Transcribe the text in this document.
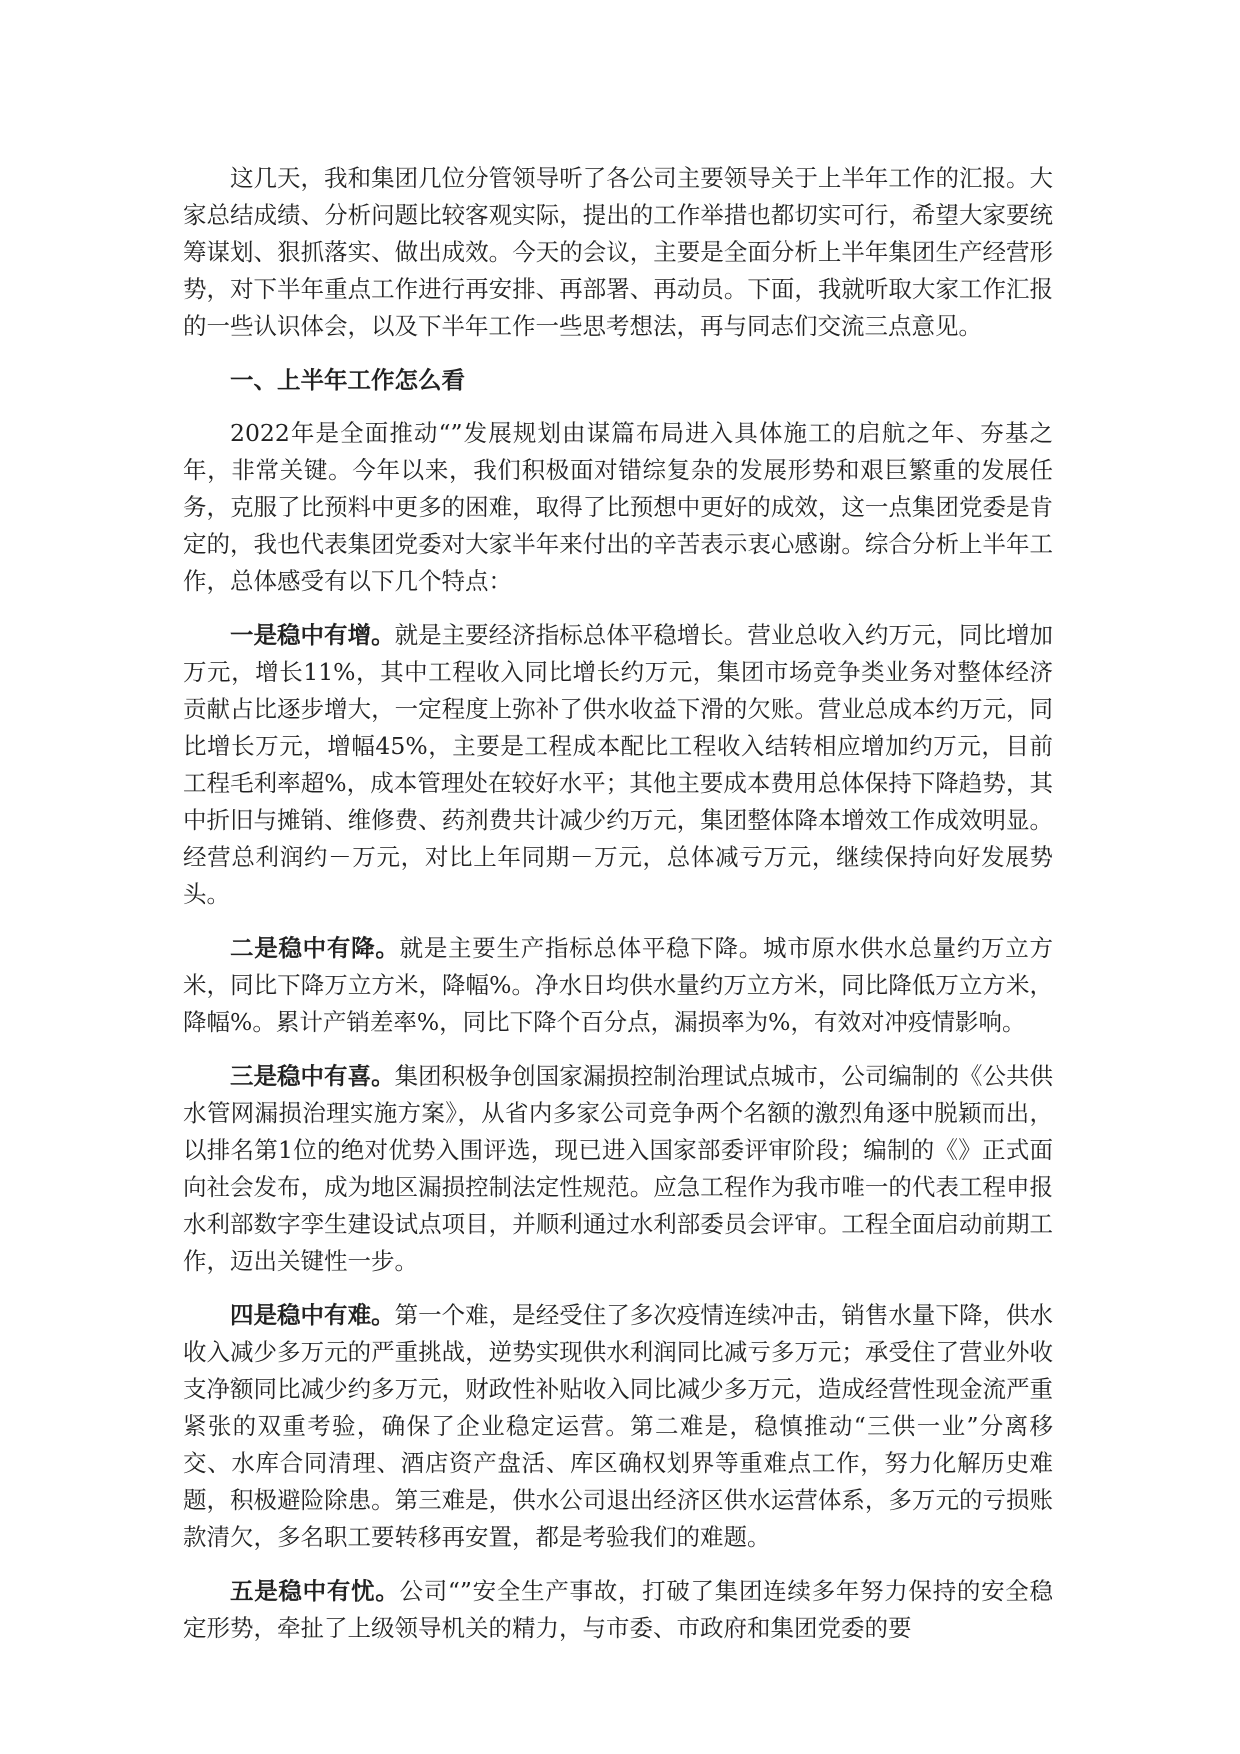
这几天，我和集团几位分管领导听了各公司主要领导关于上半年工作的汇报。大家总结成绩、分析问题比较客观实际，提出的工作举措也都切实可行，希望大家要统筹谋划、狠抓落实、做出成效。今天的会议，主要是全面分析上半年集团生产经营形势，对下半年重点工作进行再安排、再部署、再动员。下面，我就听取大家工作汇报的一些认识体会，以及下半年工作一些思考想法，再与同志们交流三点意见。

一、上半年工作怎么看

2022年是全面推动“”发展规划由谋篇布局进入具体施工的启航之年、夯基之年，非常关键。今年以来，我们积极面对错综复杂的发展形势和艰巨繁重的发展任务，克服了比预料中更多的困难，取得了比预想中更好的成效，这一点集团党委是肯定的，我也代表集团党委对大家半年来付出的辛苦表示衷心感谢。综合分析上半年工作，总体感受有以下几个特点：

一是稳中有增。就是主要经济指标总体平稳增长。营业总收入约万元，同比增加万元，增长11%，其中工程收入同比增长约万元，集团市场竞争类业务对整体经济贡献占比逐步增大，一定程度上弥补了供水收益下滑的欠账。营业总成本约万元，同比增长万元，增幅45%，主要是工程成本配比工程收入结转相应增加约万元，目前工程毛利率超%，成本管理处在较好水平；其他主要成本费用总体保持下降趋势，其中折旧与摊销、维修费、药剂费共计减少约万元，集团整体降本增效工作成效明显。经营总利润约－万元，对比上年同期－万元，总体减亏万元，继续保持向好发展势头。

二是稳中有降。就是主要生产指标总体平稳下降。城市原水供水总量约万立方米，同比下降万立方米，降幅%。净水日均供水量约万立方米，同比降低万立方米，降幅%。累计产销差率%，同比下降个百分点，漏损率为%，有效对冲疫情影响。

三是稳中有喜。集团积极争创国家漏损控制治理试点城市，公司编制的《公共供水管网漏损治理实施方案》，从省内多家公司竞争两个名额的激烈角逐中脱颖而出，以排名第1位的绝对优势入围评选，现已进入国家部委评审阶段；编制的《》正式面向社会发布，成为地区漏损控制法定性规范。应急工程作为我市唯一的代表工程申报水利部数字孪生建设试点项目，并顺利通过水利部委员会评审。工程全面启动前期工作，迈出关键性一步。

四是稳中有难。第一个难，是经受住了多次疫情连续冲击，销售水量下降，供水收入减少多万元的严重挑战，逆势实现供水利润同比减亏多万元；承受住了营业外收支净额同比减少约多万元，财政性补贴收入同比减少多万元，造成经营性现金流严重紧张的双重考验，确保了企业稳定运营。第二难是，稳慎推动“三供一业”分离移交、水库合同清理、酒店资产盘活、库区确权划界等重难点工作，努力化解历史难题，积极避险除患。第三难是，供水公司退出经济区供水运营体系，多万元的亏损账款清欠，多名职工要转移再安置，都是考验我们的难题。

五是稳中有忧。公司“”安全生产事故，打破了集团连续多年努力保持的安全稳定形势，牵扯了上级领导机关的精力，与市委、市政府和集团党委的要
